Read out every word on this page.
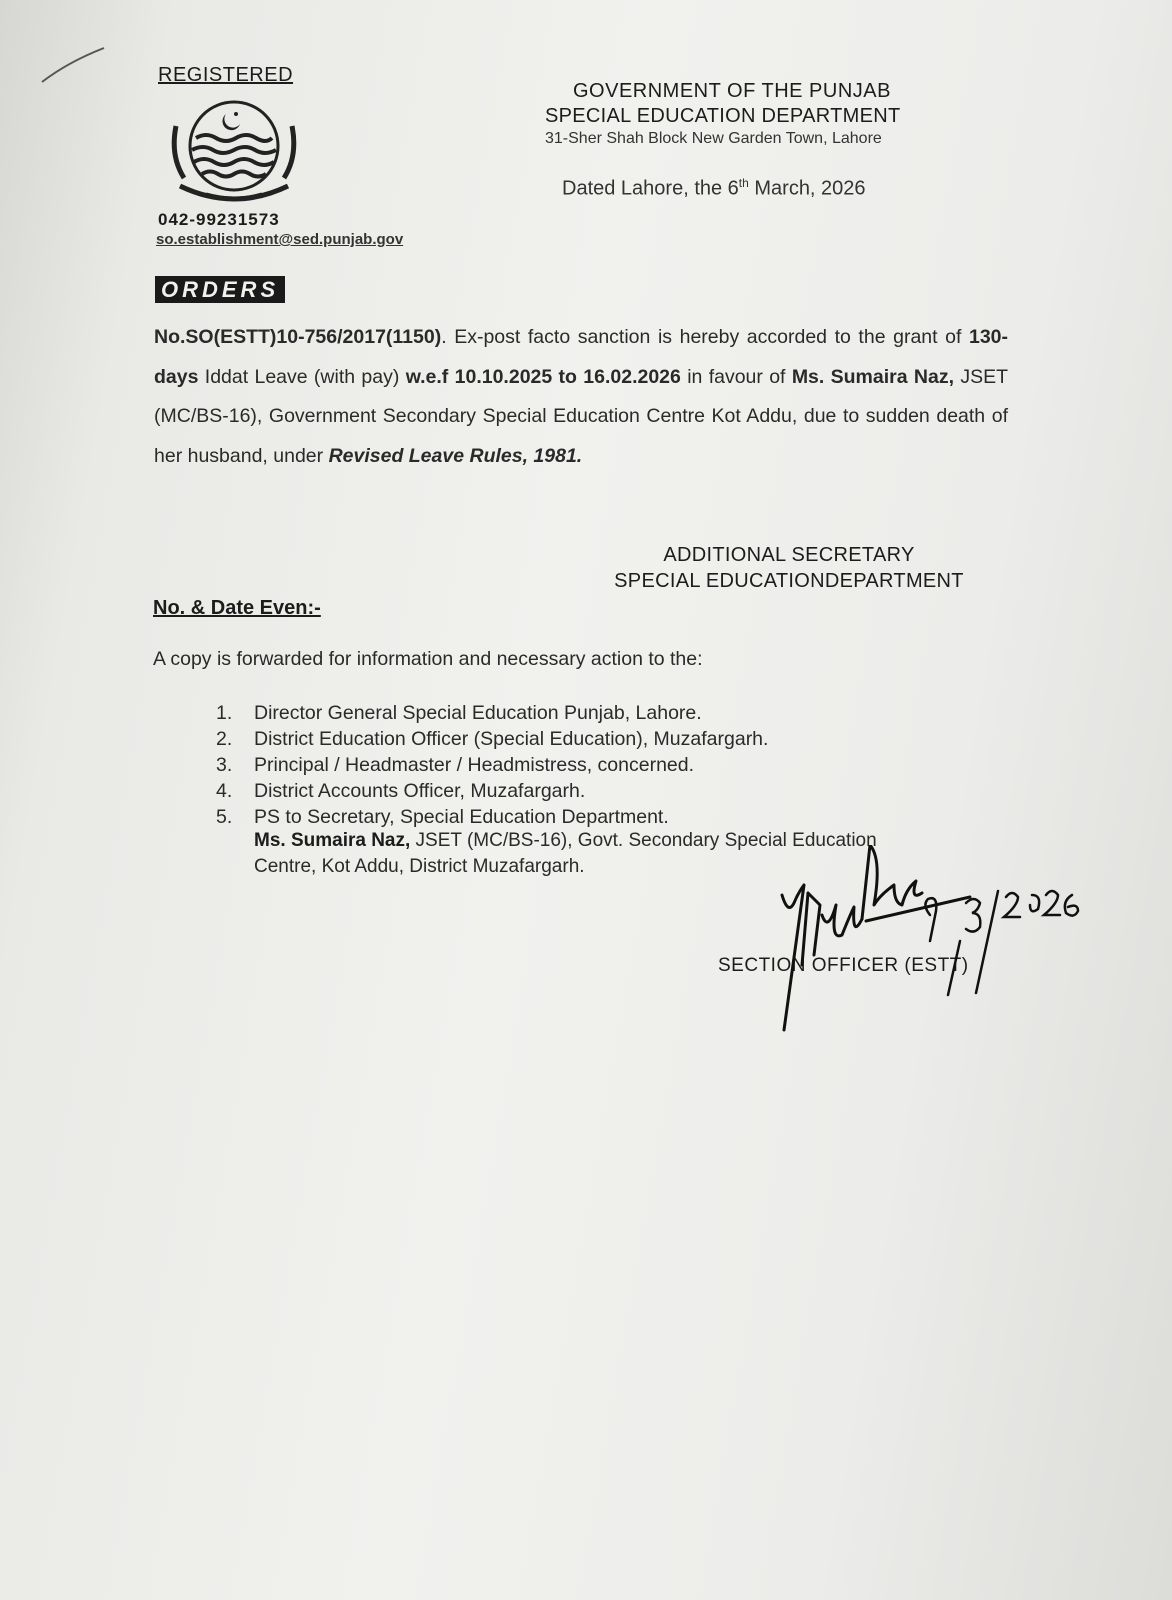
REGISTERED
042-99231573
so.establishment@sed.punjab.gov
GOVERNMENT OF THE PUNJAB
SPECIAL EDUCATION DEPARTMENT
31-Sher Shah Block New Garden Town, Lahore
Dated Lahore, the 6th March, 2026
ORDERS
No.SO(ESTT)10-756/2017(1150). Ex-post facto sanction is hereby accorded to the grant of 130-days Iddat Leave (with pay) w.e.f 10.10.2025 to 16.02.2026 in favour of Ms. Sumaira Naz, JSET (MC/BS-16), Government Secondary Special Education Centre Kot Addu, due to sudden death of her husband, under Revised Leave Rules, 1981.
ADDITIONAL SECRETARY
SPECIAL EDUCATIONDEPARTMENT
No. & Date Even:-
A copy is forwarded for information and necessary action to the:
1. Director General Special Education Punjab, Lahore.
2. District Education Officer (Special Education), Muzafargarh.
3. Principal / Headmaster / Headmistress, concerned.
4. District Accounts Officer, Muzafargarh.
5. PS to Secretary, Special Education Department.
Ms. Sumaira Naz, JSET (MC/BS-16), Govt. Secondary Special Education
Centre, Kot Addu, District Muzafargarh.
SECTION OFFICER (ESTT)
